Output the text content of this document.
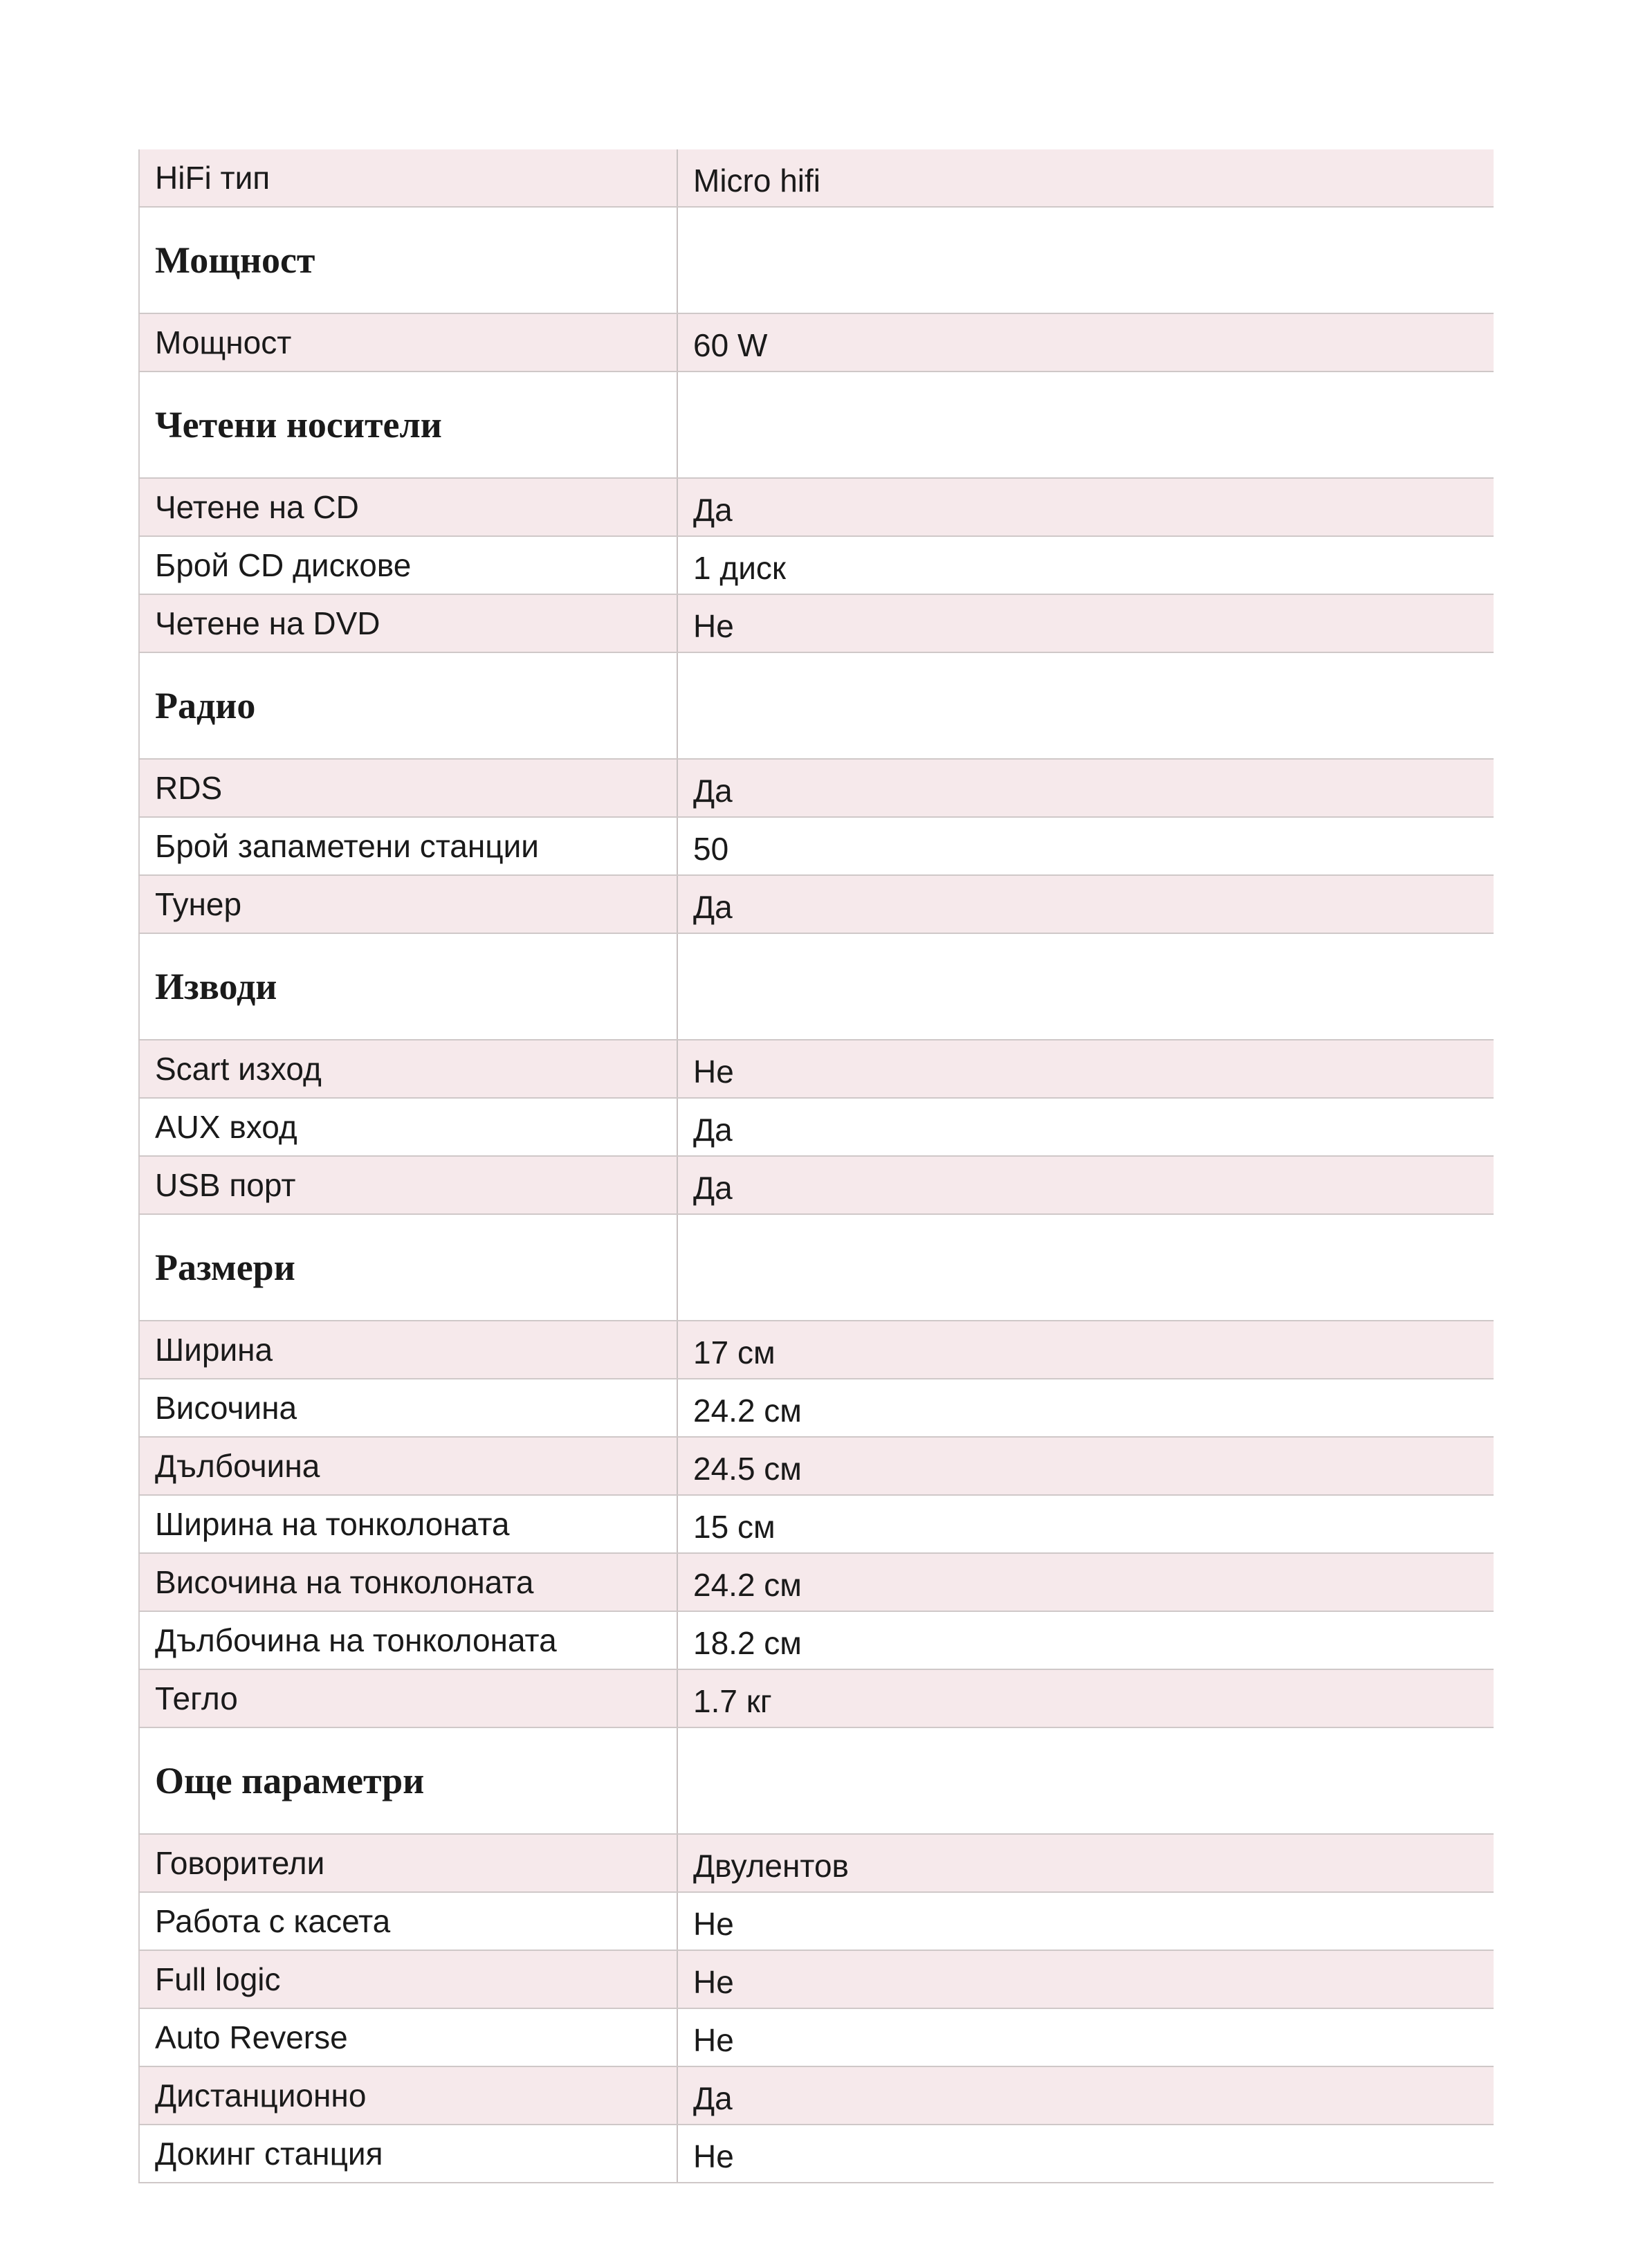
HiFi тип	Micro hifi
Мощност	
Мощност	60 W
Четени носители	
Четене на CD	Да
Брой CD дискове	1 диск
Четене на DVD	Не
Радио	
RDS	Да
Брой запаметени станции	50
Тунер	Да
Изводи	
Scart изход	Не
AUX вход	Да
USB порт	Да
Размери	
Ширина	17 см
Височина	24.2 см
Дълбочина	24.5 см
Ширина на тонколоната	15 см
Височина на тонколоната	24.2 см
Дълбочина на тонколоната	18.2 см
Тегло	1.7 кг
Още параметри	
Говорители	Двулентов
Работа с касета	Не
Full logic	Не
Auto Reverse	Не
Дистанционно	Да
Докинг станция	Не
